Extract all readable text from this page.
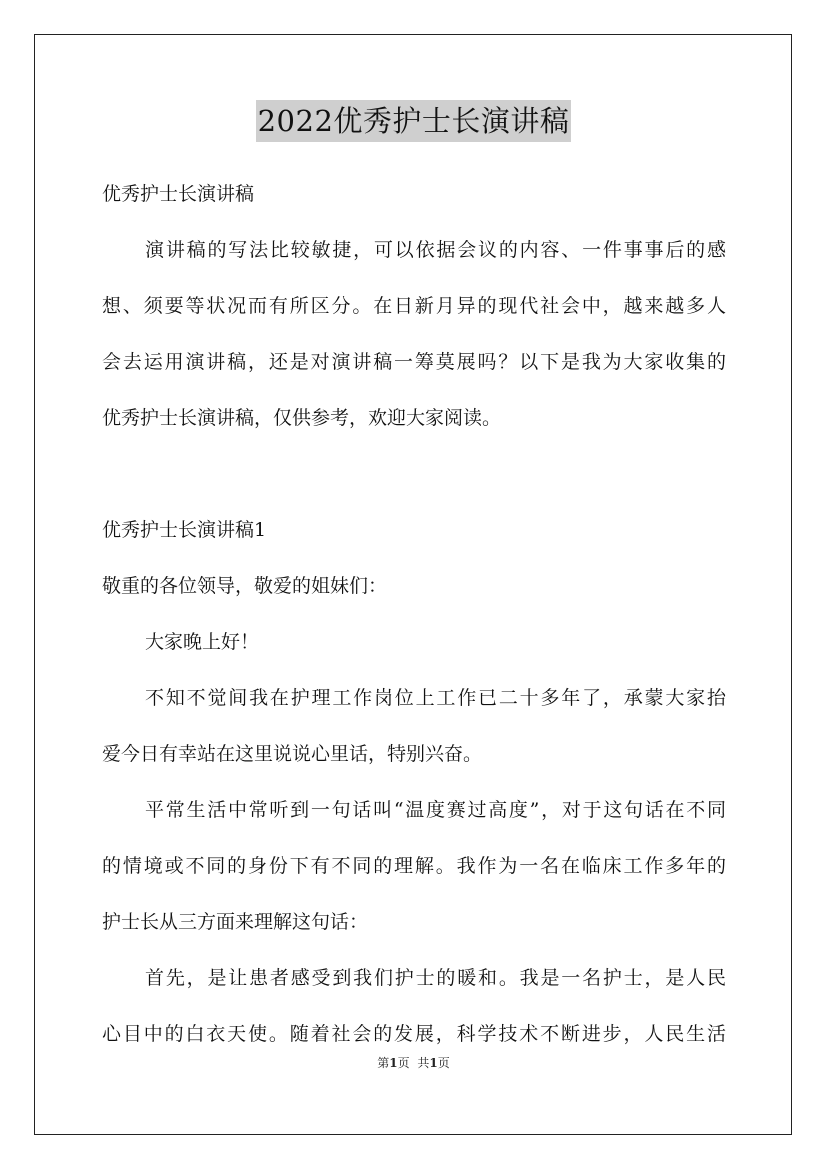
2022优秀护士长演讲稿
优秀护士长演讲稿
演讲稿的写法比较敏捷，可以依据会议的内容、一件事事后的感
想、须要等状况而有所区分。在日新月异的现代社会中，越来越多人
会去运用演讲稿，还是对演讲稿一筹莫展吗？以下是我为大家收集的
优秀护士长演讲稿，仅供参考，欢迎大家阅读。
优秀护士长演讲稿1
敬重的各位领导，敬爱的姐妹们：
大家晚上好！
不知不觉间我在护理工作岗位上工作已二十多年了，承蒙大家抬
爱今日有幸站在这里说说心里话，特别兴奋。
平常生活中常听到一句话叫“温度赛过高度”，对于这句话在不同
的情境或不同的身份下有不同的理解。我作为一名在临床工作多年的
护士长从三方面来理解这句话：
首先，是让患者感受到我们护士的暖和。我是一名护士，是人民
心目中的白衣天使。随着社会的发展，科学技术不断进步，人民生活
第1页 共1页
